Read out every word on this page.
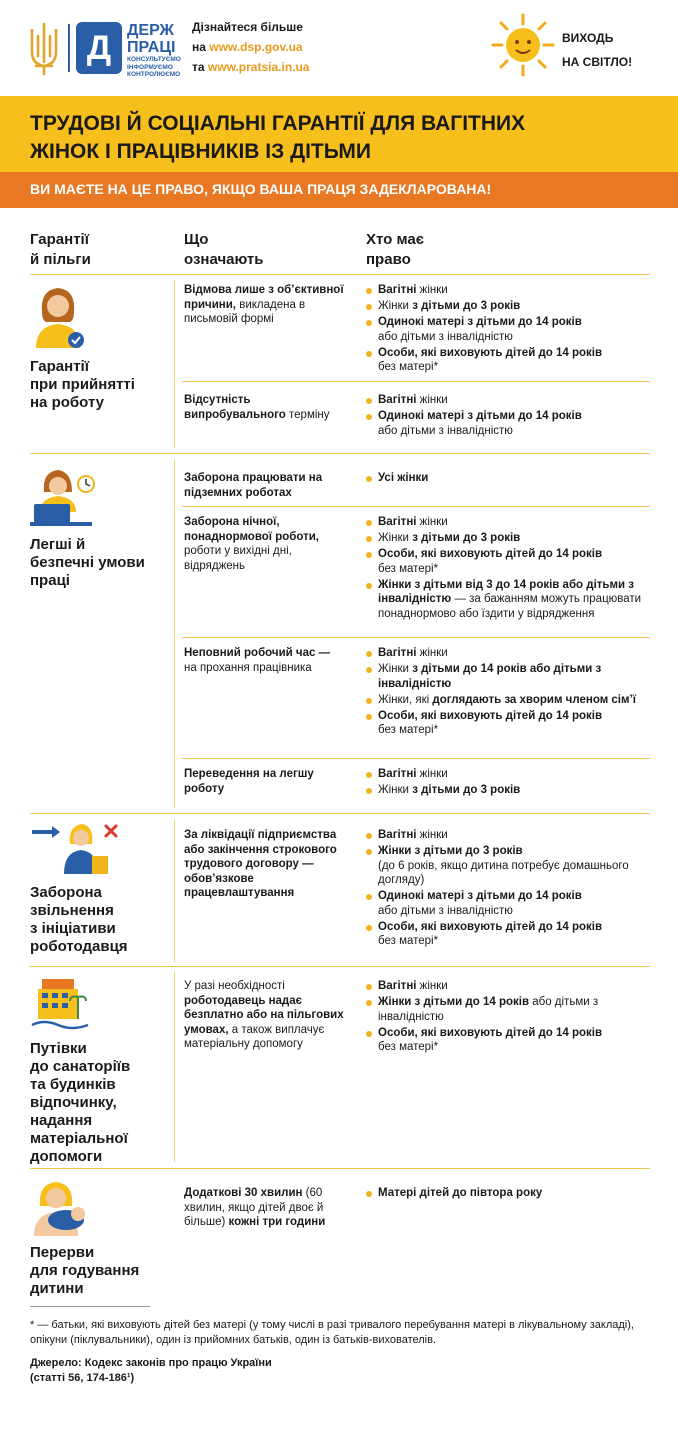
Д ДЕРЖ
ПРАЦІ
КОНСУЛЬТУЄМО ІНФОРМУЄМО КОНТРОЛЮЄМО
Дізнайтеся більше
на www.dsp.gov.ua
та www.pratsia.in.ua
ВИХОДЬ
НА СВІТЛО!
ТРУДОВІ Й СОЦІАЛЬНІ ГАРАНТІЇ ДЛЯ ВАГІТНИХ
ЖІНОК І ПРАЦІВНИКІВ ІЗ ДІТЬМИ
ВИ МАЄТЕ НА ЦЕ ПРАВО, ЯКЩО ВАША ПРАЦЯ ЗАДЕКЛАРОВАНА!
Гарантії
й пільги
Що
означають
Хто має
право
Гарантії
при прийнятті
на роботу
Відмова лише з обʼєктивної причини, викладена в письмовій формі
Вагітні жінки
Жінки з дітьми до 3 років
Одинокі матері з дітьми до 14 років
або дітьми з інвалідністю
Особи, які виховують дітей до 14 років
без матері*
Відсутність випробувального терміну
Вагітні жінки
Одинокі матері з дітьми до 14 років
або дітьми з інвалідністю
Легші й
безпечні умови
праці
Заборона працювати на підземних роботах
Усі жінки
Заборона нічної, понаднормової роботи, роботи у вихідні дні, відряджень
Вагітні жінки
Жінки з дітьми до 3 років
Особи, які виховують дітей до 14 років
без матері*
Жінки з дітьми від 3 до 14 років або дітьми з інвалідністю — за бажанням можуть працювати понаднормово або їздити у відрядження
Неповний робочий час —
на прохання працівника
Вагітні жінки
Жінки з дітьми до 14 років або дітьми з інвалідністю
Жінки, які доглядають за хворим членом сімʼї
Особи, які виховують дітей до 14 років
без матері*
Переведення на легшу роботу
Вагітні жінки
Жінки з дітьми до 3 років
Заборона
звільнення
з ініціативи
роботодавця
За ліквідації підприємства або закінчення строкового трудового договору — обовʼязкове працевлаштування
Вагітні жінки
Жінки з дітьми до 3 років
(до 6 років, якщо дитина потребує домашнього догляду)
Одинокі матері з дітьми до 14 років
або дітьми з інвалідністю
Особи, які виховують дітей до 14 років
без матері*
Путівки
до санаторіїв
та будинків
відпочинку,
надання
матеріальної
допомоги
У разі необхідності роботодавець надає безплатно або на пільгових умовах, а також виплачує матеріальну допомогу
Вагітні жінки
Жінки з дітьми до 14 років або дітьми з інвалідністю
Особи, які виховують дітей до 14 років
без матері*
Перерви
для годування
дитини
Додаткові 30 хвилин (60 хвилин, якщо дітей двоє й більше) кожні три години
Матері дітей до півтора року
* — батьки, які виховують дітей без матері (у тому числі в разі тривалого перебування матері в лікувальному закладі), опікуни (піклувальники), один із прийомних батьків, один із батьків-вихователів.
Джерело: Кодекс законів про працю України
(статті 56, 174-186¹)
